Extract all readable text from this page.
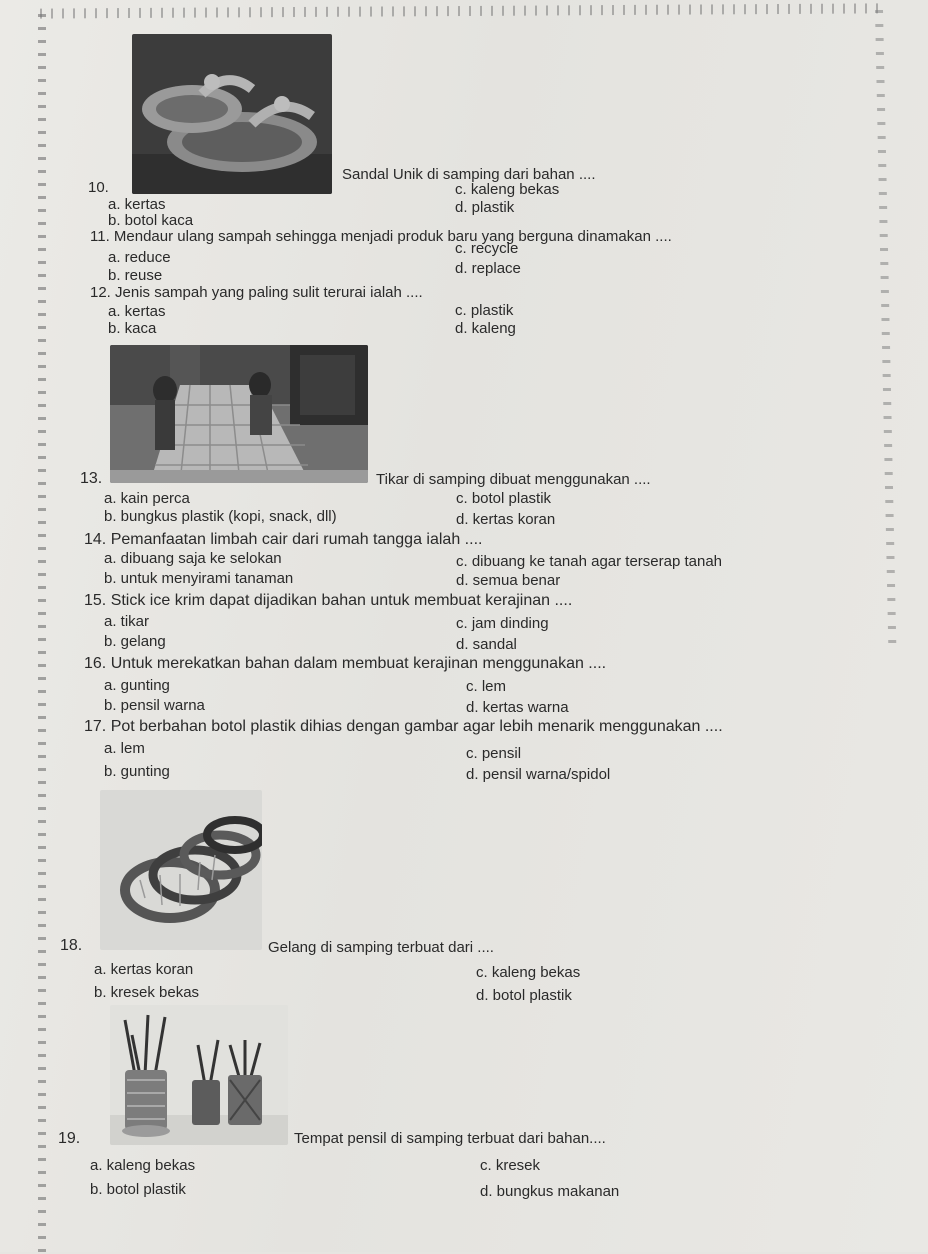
10.
Sandal Unik di samping dari bahan ....
a. kertas
b. botol kaca
c. kaleng bekas
d. plastik
11. Mendaur ulang sampah sehingga menjadi produk baru yang berguna dinamakan ....
a. reduce
b. reuse
c. recycle
d. replace
12. Jenis sampah yang paling sulit terurai ialah ....
a. kertas
b. kaca
c. plastik
d. kaleng
13.	Tikar di samping dibuat menggunakan ....
a. kain perca
b. bungkus plastik (kopi, snack, dll)
c. botol plastik
d. kertas koran
14. Pemanfaatan limbah cair dari rumah tangga ialah ....
a. dibuang saja ke selokan
b. untuk menyirami tanaman
c. dibuang ke tanah agar terserap tanah
d. semua benar
15. Stick ice krim dapat dijadikan bahan untuk membuat kerajinan ....
a. tikar
b. gelang
c. jam dinding
d. sandal
16. Untuk merekatkan bahan dalam membuat kerajinan menggunakan ....
a. gunting
b. pensil warna
c. lem
d. kertas warna
17. Pot berbahan botol plastik dihias dengan gambar agar lebih menarik menggunakan ....
a. lem
b. gunting
c. pensil
d. pensil warna/spidol
18.	Gelang di samping terbuat dari ....
a. kertas koran
b. kresek bekas
c. kaleng bekas
d. botol plastik
19.	Tempat pensil di samping terbuat dari bahan....
a. kaleng bekas
b. botol plastik
c. kresek
d. bungkus makanan
